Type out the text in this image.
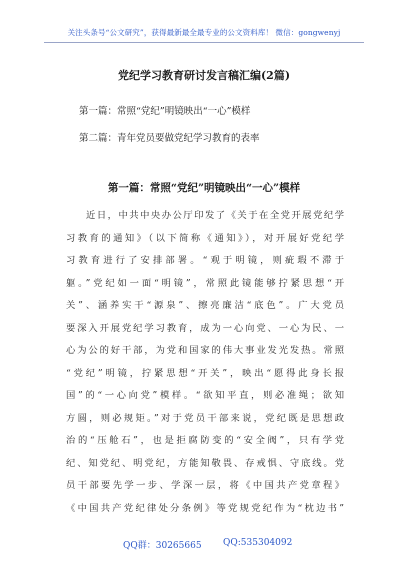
关注头条号“公文研究”，获得最新最全最专业的公文资料库！ 微信：gongwenyj
党纪学习教育研讨发言稿汇编(2篇)
第一篇：常照“党纪”明镜映出“一心”模样
第二篇：青年党员要做党纪学习教育的表率
第一篇：常照“党纪”明镜映出“一心”模样
近日，中共中央办公厅印发了《关于在全党开展党纪学
习教育的通知》（以下简称《通知》），对开展好党纪学
习教育进行了安排部署。“观于明镜，则疵瑕不滞于
躯。”党纪如一面“明镜”，常照此镜能够拧紧思想“开
关”、涵养实干“源泉”、擦亮廉洁“底色”。广大党员
要深入开展党纪学习教育，成为一心向党、一心为民、一
心为公的好干部，为党和国家的伟大事业发光发热。常照
“党纪”明镜，拧紧思想“开关”，映出“愿得此身长报
国”的“一心向党”模样。“欲知平直，则必准绳；欲知
方圆，则必规矩。”对于党员干部来说，党纪既是思想政
治的“压舱石”，也是拒腐防变的“安全阀”，只有学党
纪、知党纪、明党纪，方能知敬畏、存戒惧、守底线。党
员干部要先学一步、学深一层，将《中国共产党章程》
《中国共产党纪律处分条例》等党规党纪作为“枕边书”
QQ群：30265665 QQ:535304092
